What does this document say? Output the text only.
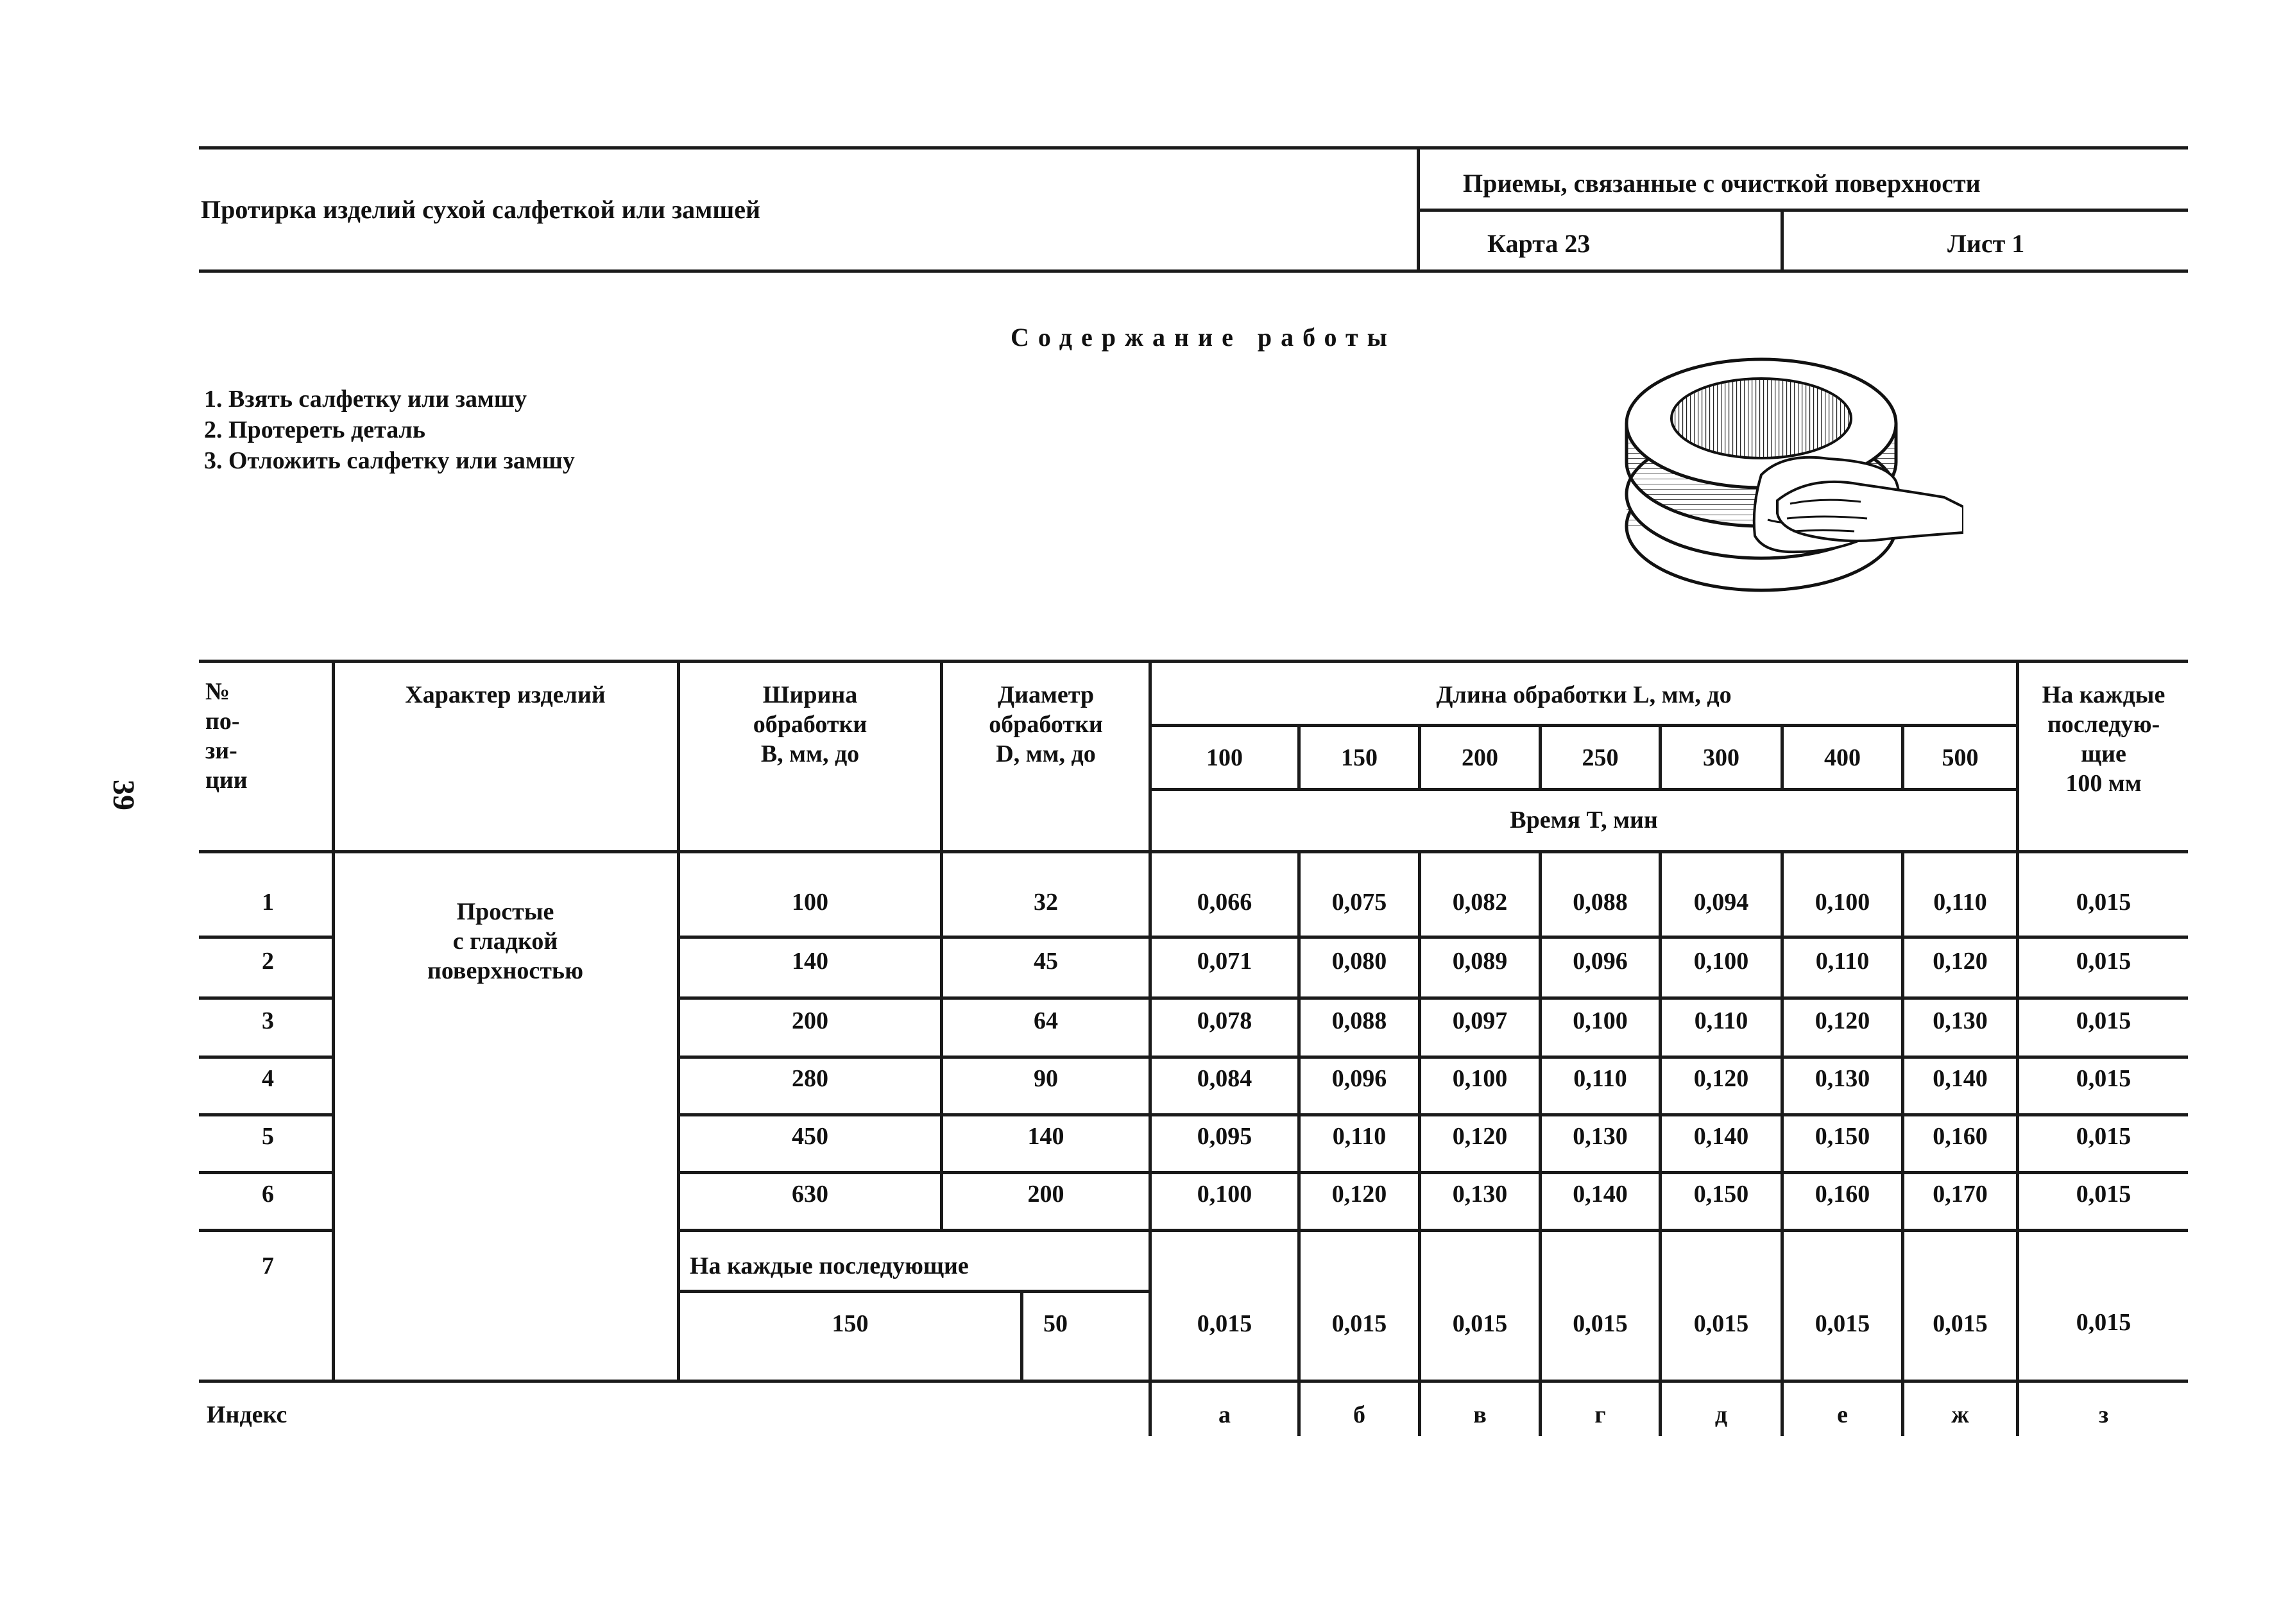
Протирка изделий сухой салфеткой или замшей
Приемы, связанные с очисткой поверхности
Карта 23	Лист 1
Содержание работы
1. Взять салфетку или замшу
2. Протереть деталь
3. Отложить салфетку или замшу
39
№
по-
зи-
ции
Характер изделий	Ширина
обработки
B, мм, до
Диаметр
обработки
D, мм, до
Длина обработки L, мм, до
100	150	200	250	300	400	500
Время T, мин
На каждые
последую-
щие
100 мм
Простые
с гладкой
поверхностью
1	100	32	0,066	0,075	0,082	0,088	0,094	0,100	0,110	0,015
2	140	45	0,071	0,080	0,089	0,096	0,100	0,110	0,120	0,015
3	200	64	0,078	0,088	0,097	0,100	0,110	0,120	0,130	0,015
4	280	90	0,084	0,096	0,100	0,110	0,120	0,130	0,140	0,015
5	450	140	0,095	0,110	0,120	0,130	0,140	0,150	0,160	0,015
6	630	200	0,100	0,120	0,130	0,140	0,150	0,160	0,170	0,015
7	На каждые последующие
150	50	0,015	0,015	0,015	0,015	0,015	0,015	0,015	0,015
Индекс	а	б	в	г	д	е	ж	з
